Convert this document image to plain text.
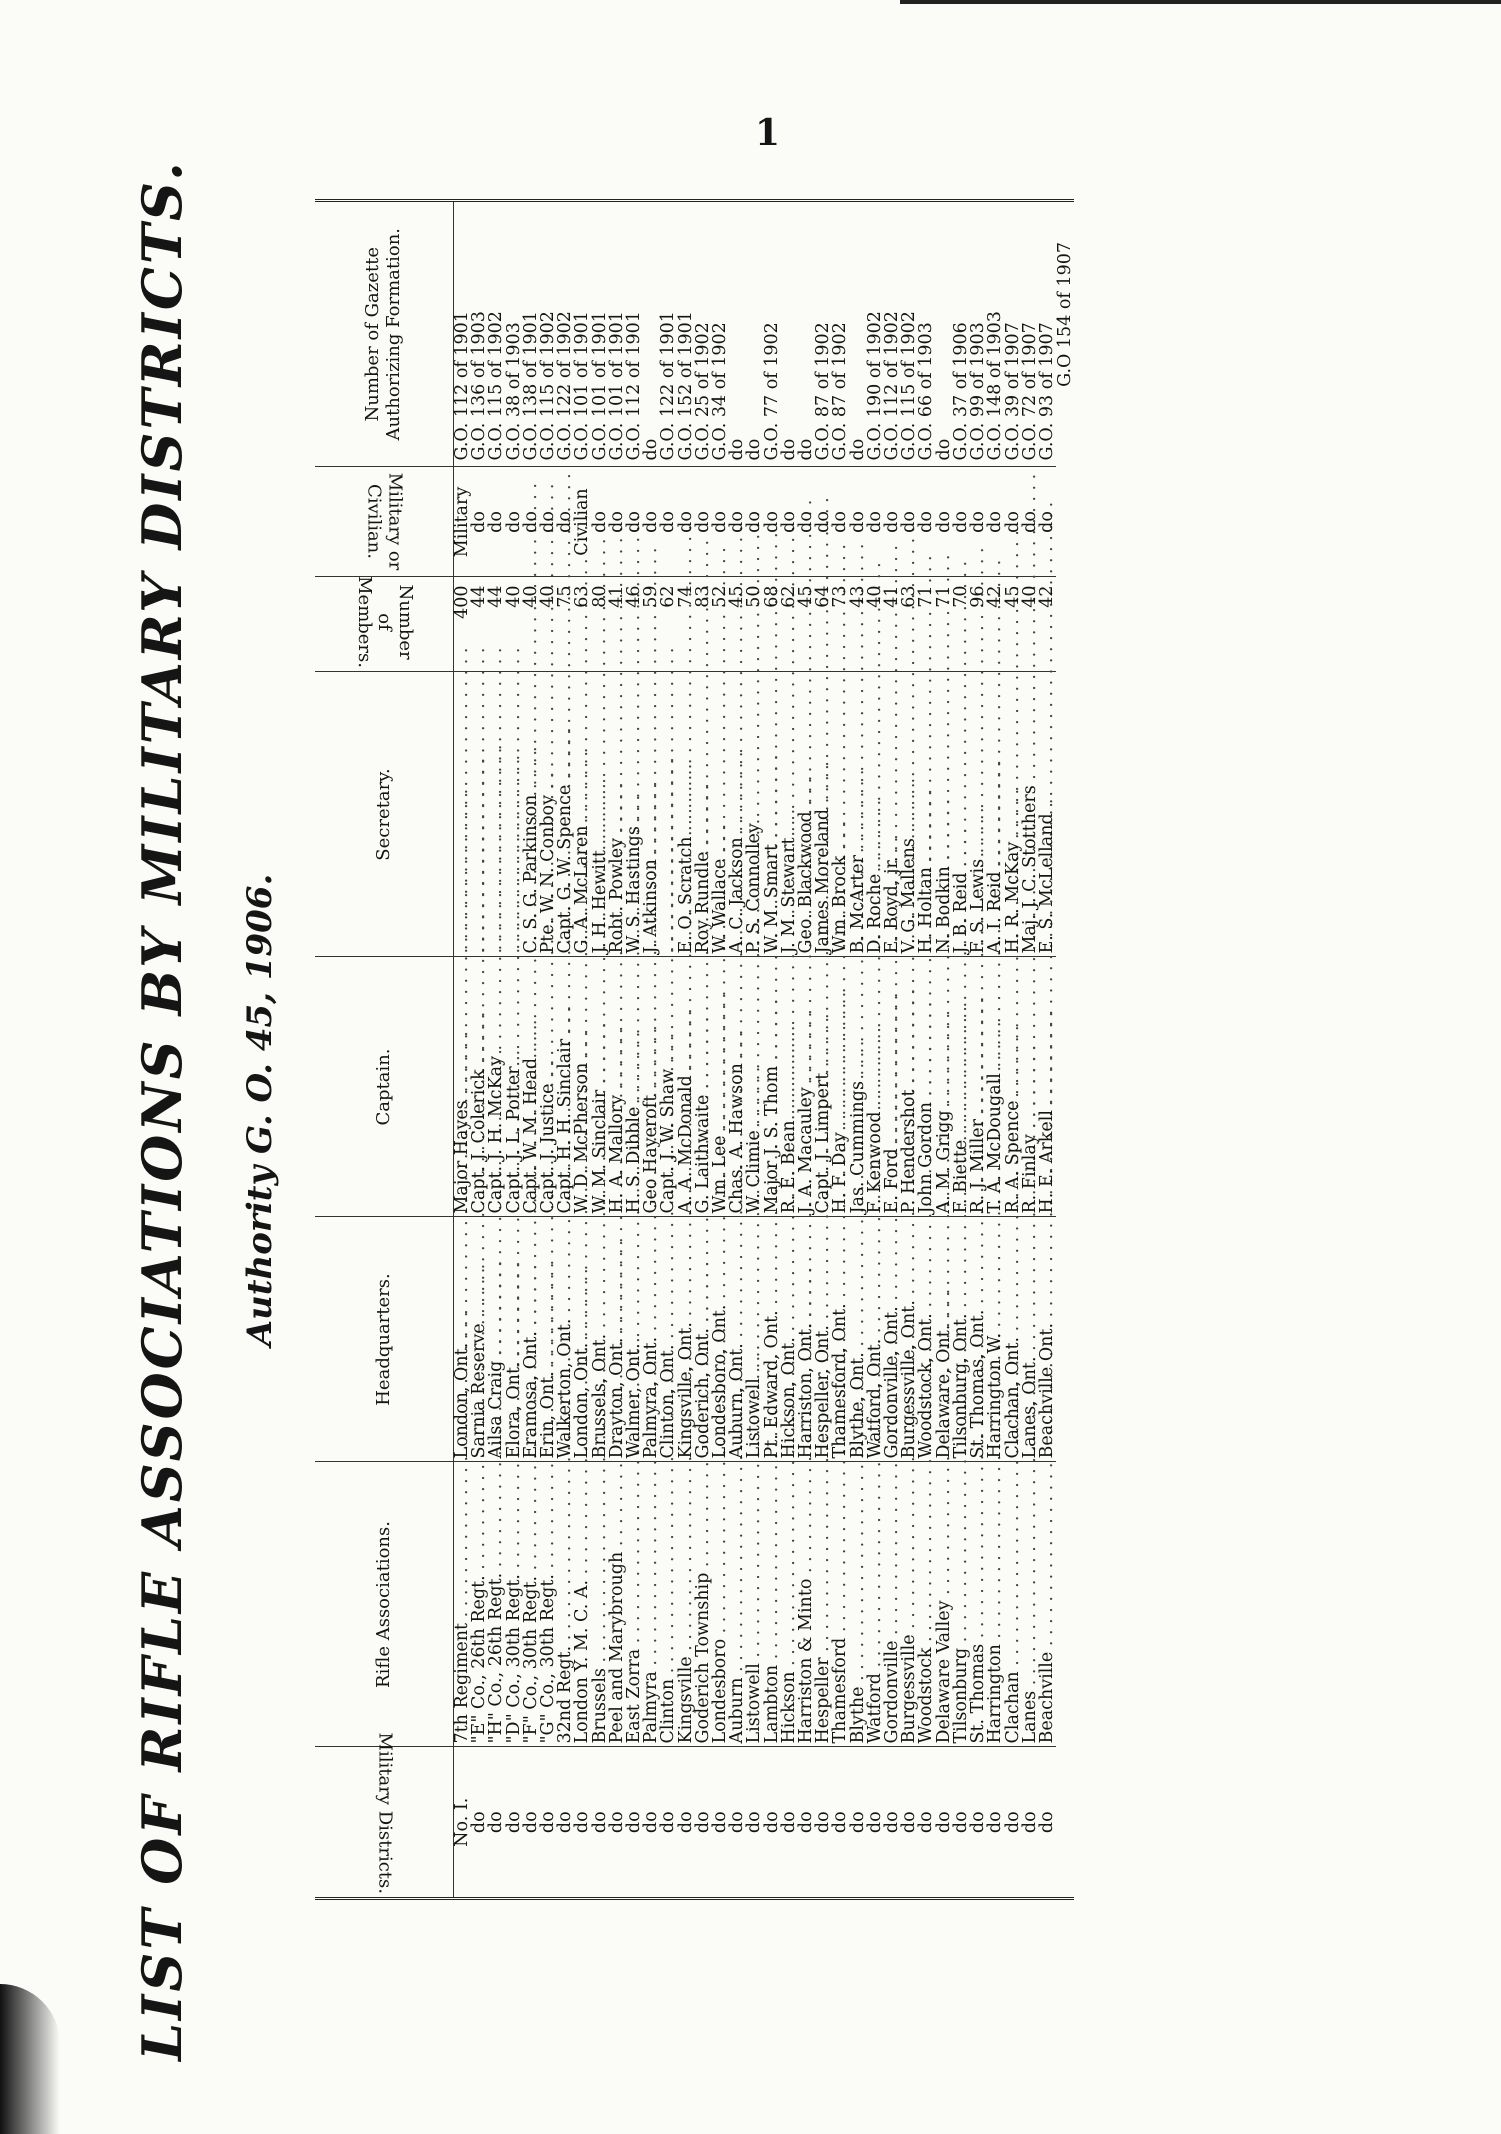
1
LIST OF RIFLE ASSOCIATIONS BY MILITARY DISTRICTS. Authority G. O. 45, 1906.
Military Districts.	Rifle Associations.	Headquarters.	Captain.	Secretary.	Number of Members.	Military or Civilian.	Number of Gazette Authorizing Formation.
No. I.	7th Regiment . . .	London, Ont. . . .	Major Hayes . . .	. . .	400	Military	G.O. 112 of 1901
do	"E" Co., 26th Regt. . . .	Sarnia Reserve . . .	Capt. J. Colerick . . .	. . .	44	do	G.O. 136 of 1903
do	"H" Co., 26th Regt. . . .	Ailsa Craig . . .	Capt. J. H. McKay . . .	. . .	44	do	G.O. 115 of 1902
do	"D" Co., 30th Regt. . . .	Elora, Ont. . . .	Capt. J. L. Potter . . .	. . .	40	do	G.O. 38 of 1903
do	"F" Co., 30th Regt. . . .	Eramosa, Ont. . . .	Capt. W. M. Head . . .	C. S. G. Parkinson . . .	40	do	G.O. 138 of 1901
do	"G" Co., 30th Regt. . . .	Erin, Ont. . . .	Capt. J. Justice . . .	Pte. W. N. Conboy . . .	40	do	G.O. 115 of 1902
do	32nd Regt. . . .	Walkerton, Ont. . . .	Capt. H. H. Sinclair . . .	Capt. G. W. Spence . . .	75	do	G.O. 122 of 1902
do	London Y. M. C. A. . . .	London, Ont. . . .	W. D. McPherson . . .	G. A. McLaren . . .	63	Civilian	G.O. 101 of 1901
do	Brussels . . .	Brussels, Ont. . . .	W. M. Sinclair . . .	J. H. Hewitt . . .	80	do	G.O. 101 of 1901
do	Peel and Marybrough . . .	Drayton, Ont. . . .	H. A. Mallory . . .	Robt. Powley . . .	41	do	G.O. 101 of 1901
do	East Zorra . . .	Walmer, Ont. . . .	H. S. Dibble . . .	W. S. Hastings . . .	46	do	G.O. 112 of 1901
do	Palmyra . . .	Palmyra, Ont. . . .	Geo Hayeroft . . .	J. Atkinson . . .	59	do	do
do	Clinton . . .	Clinton, Ont. . . .	Capt. J. W. Shaw . . .	. . .	62	do	G.O. 122 of 1901
do	Kingsville . . .	Kingsville, Ont. . . .	A. A. McDonald . . .	E. O. Scratch . . .	74	do	G.O. 152 of 1901
do	Goderich Township . . .	Goderich, Ont. . . .	G. Laithwaite . . .	Roy Rundle . . .	83	do	G.O. 25 of 1902
do	Londesboro . . .	Londesboro, Ont. . . .	Wm. Lee . . .	W. Wallace . . .	52	do	G.O. 34 of 1902
do	Auburn . . .	Auburn, Ont. . . .	Chas. A. Hawson . . .	A. C. Jackson . . .	45	do	do
do	Listowell . . .	Listowell . . .	W. Climie . . .	P. S. Connolley . . .	50	do	do
do	Lambton . . .	Pt. Edward, Ont. . . .	Major J. S. Thom . . .	W. M. Smart . . .	68	do	G.O. 77 of 1902
do	Hickson . . .	Hickson, Ont. . . .	R. E. Bean . . .	J. M. Stewart . . .	62	do	do
do	Harriston & Minto . . .	Harriston, Ont. . . .	J. A. Macauley . . .	Geo. Blackwood . . .	45	do	do
do	Hespeller . . .	Hespeller, Ont. . . .	Capt. J. Limpert . . .	James Moreland . . .	64	do	G.O. 87 of 1902
do	Thamesford . . .	Thamesford, Ont. . . .	H. F. Day . . .	Wm. Brock . . .	73	do	G.O. 87 of 1902
do	Blythe . . .	Blythe, Ont. . . .	Jas. Cummings . . .	B. McArter . . .	43	do	do
do	Watford . . .	Watford, Ont. . . .	F. Kenwood . . .	D. Roche . . .	40	do	G.O. 190 of 1902
do	Gordonville . . .	Gordonville, Ont. . . .	E. Ford . . .	E. Boyd, jr. . . .	41	do	G.O. 112 of 1902
do	Burgessville . . .	Burgessville, Ont. . . .	P. Hendershot . . .	V. G. Mallens . . .	63	do	G.O. 115 of 1902
do	Woodstock . . .	Woodstock, Ont. . . .	John Gordon . . .	H. Holtan . . .	71	do	G.O. 66 of 1903
do	Delaware Valley . . .	Delaware, Ont. . . .	A. M. Grigg . . .	N. Bodkin . . .	71	do	do
do	Tilsonburg . . .	Tilsonburg, Ont. . . .	F. Biette . . .	J. B. Reid . . .	70	do	G.O. 37 of 1906
do	St. Thomas . . .	St. Thomas, Ont. . . .	R. J. Miller . . .	F. S. Lewis . . .	96	do	G.O. 99 of 1903
do	Harrington . . .	Harrington W. . . .	T. A. McDougall . . .	A. I. Reid . . .	42	do	G.O. 148 of 1903
do	Clachan . . .	Clachan, Ont. . . .	R. A. Spence . . .	H. R. McKay . . .	45	do	G.O. 39 of 1907
do	Lanes . . .	Lanes, Ont. . . .	R. Finlay . . .	Maj. J. C. Stotthers . . .	40	do	G.O. 72 of 1907
do	Beachville . . .	Beachville Ont. . . .	H. E. Arkell . . .	E. S. McLelland . . .	42	do	G.O. 93 of 1907
G.O 154 of 1907
